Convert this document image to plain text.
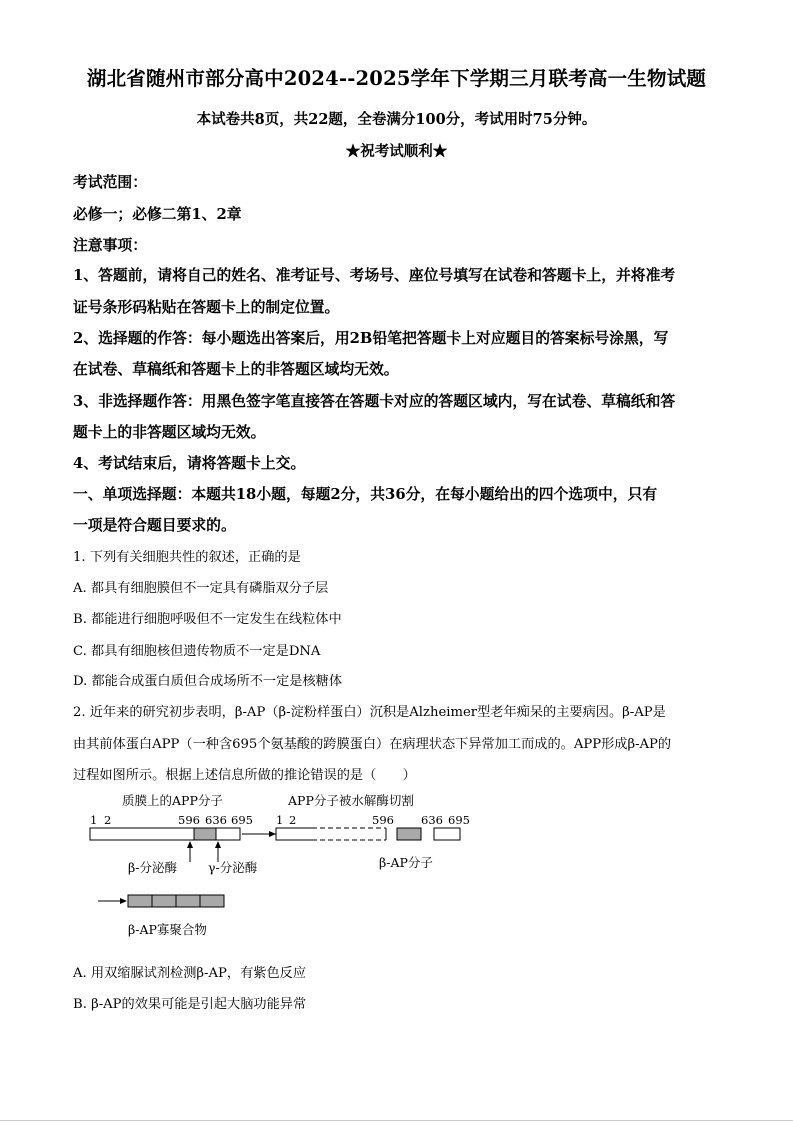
湖北省随州市部分高中2024--2025学年下学期三月联考高一生物试题
本试卷共8页，共22题，全卷满分100分，考试用时75分钟。
★祝考试顺利★
考试范围：
必修一；必修二第1、2章
注意事项：
1、答题前，请将自己的姓名、准考证号、考场号、座位号填写在试卷和答题卡上，并将准考
证号条形码粘贴在答题卡上的制定位置。
2、选择题的作答：每小题选出答案后，用2B铅笔把答题卡上对应题目的答案标号涂黑，写
在试卷、草稿纸和答题卡上的非答题区域均无效。
3、非选择题作答：用黑色签字笔直接答在答题卡对应的答题区域内，写在试卷、草稿纸和答
题卡上的非答题区域均无效。
4、考试结束后，请将答题卡上交。
一、单项选择题：本题共18小题，每题2分，共36分，在每小题给出的四个选项中，只有
一项是符合题目要求的。
1. 下列有关细胞共性的叙述，正确的是
A. 都具有细胞膜但不一定具有磷脂双分子层
B. 都能进行细胞呼吸但不一定发生在线粒体中
C. 都具有细胞核但遗传物质不一定是DNA
D. 都能合成蛋白质但合成场所不一定是核糖体
2. 近年来的研究初步表明，β-AP（β-淀粉样蛋白）沉积是Alzheimer型老年痴呆的主要病因。β-AP是
由其前体蛋白APP（一种含695个氨基酸的跨膜蛋白）在病理状态下异常加工而成的。APP形成β-AP的
过程如图所示。根据上述信息所做的推论错误的是（　　）
质膜上的APP分子	APP分子被水解酶切割
1 2	596 636 695 1 2	596 636 695
β-分泌酶 γ-分泌酶	β-AP分子
β-AP寡聚合物
A. 用双缩脲试剂检测β-AP，有紫色反应
B. β-AP的效果可能是引起大脑功能异常
